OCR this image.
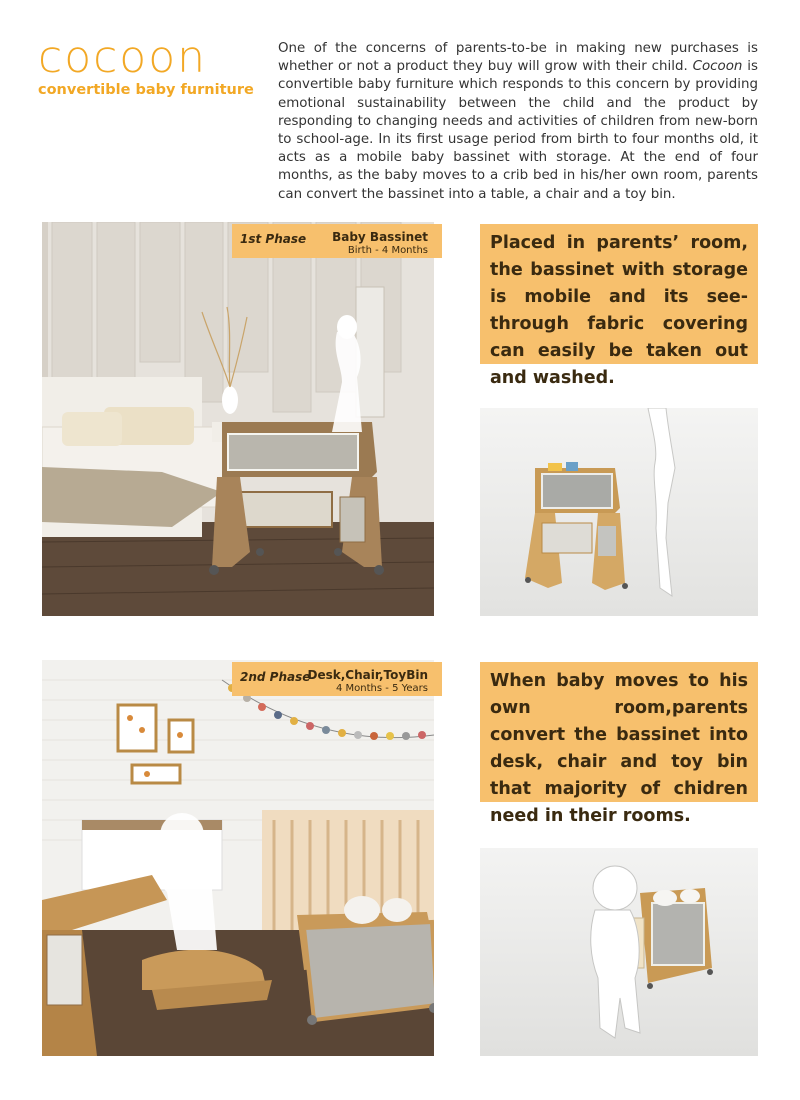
cocoon
convertible baby furniture
One of the concerns of parents-to-be in making new purchases is whether or not a product they buy will grow with their child. Cocoon is convertible baby furniture which responds to this concern by providing emotional sustainability between the child and the product by responding to changing needs and activities of children from new-born to school-age. In its first usage period from birth to four months old, it acts as a mobile baby bassinet with storage. At the end of four months, as the baby moves to a crib bed in his/her own room, parents can convert the bassinet into a table, a chair and a toy bin.
1st Phase Baby Bassinet
Birth - 4 Months	Placed in parents’ room, the bassinet with storage is mobile and its see-through fabric covering can easily be taken out and washed.
2nd Phase
Desk,Chair,ToyBin
4 Months - 5 Years	When baby moves to his own room,parents convert the bassinet into desk, chair and toy bin that majority of chidren need in their rooms.
